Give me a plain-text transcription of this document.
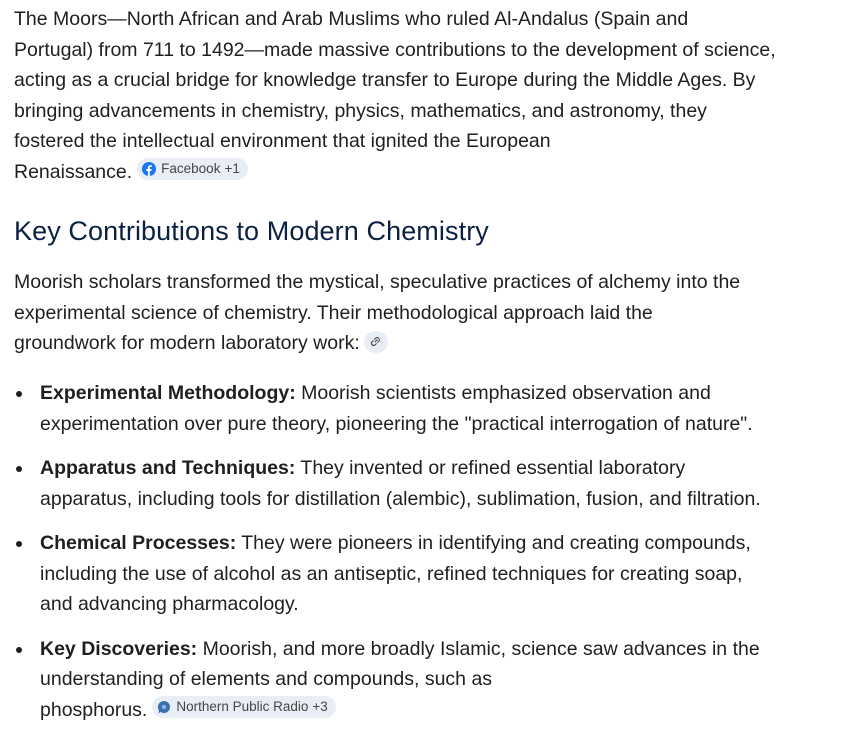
The Moors—North African and Arab Muslims who ruled Al-Andalus (Spain and
Portugal) from 711 to 1492—made massive contributions to the development of science,
acting as a crucial bridge for knowledge transfer to Europe during the Middle Ages. By
bringing advancements in chemistry, physics, mathematics, and astronomy, they
fostered the intellectual environment that ignited the European
Renaissance. Facebook +1

Key Contributions to Modern Chemistry

Moorish scholars transformed the mystical, speculative practices of alchemy into the
experimental science of chemistry. Their methodological approach laid the
groundwork for modern laboratory work:

Experimental Methodology: Moorish scientists emphasized observation and
experimentation over pure theory, pioneering the "practical interrogation of nature".
Apparatus and Techniques: They invented or refined essential laboratory
apparatus, including tools for distillation (alembic), sublimation, fusion, and filtration.
Chemical Processes: They were pioneers in identifying and creating compounds,
including the use of alcohol as an antiseptic, refined techniques for creating soap,
and advancing pharmacology.
Key Discoveries: Moorish, and more broadly Islamic, science saw advances in the
understanding of elements and compounds, such as
phosphorus. Northern Public Radio +3
